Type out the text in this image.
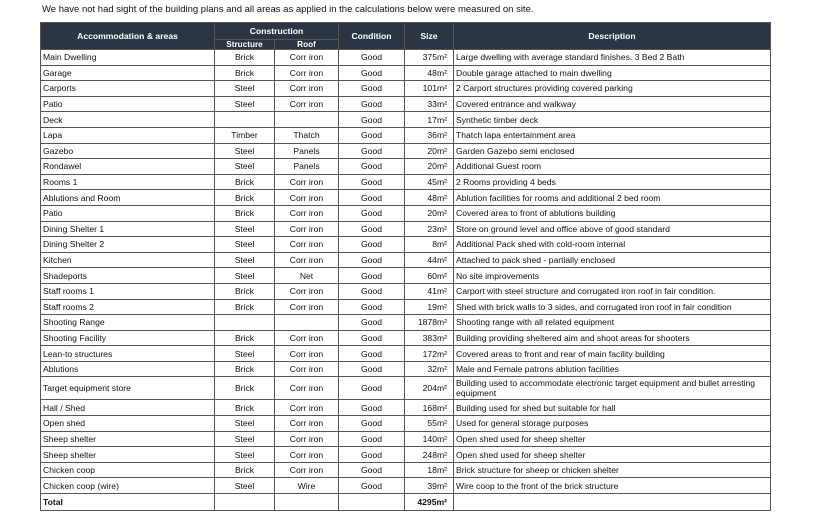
We have not had sight of the building plans and all areas as applied in the calculations below were measured on site.
Accommodation & areas	Construction		Condition	Size	Description
	Structure	Roof			
Main Dwelling	Brick	Corr iron	Good	375m²	Large dwelling with average standard finishes. 3 Bed 2 Bath
Garage	Brick	Corr iron	Good	48m²	Double garage attached to main dwelling
Carports	Steel	Corr iron	Good	101m²	2 Carport structures providing covered parking
Patio	Steel	Corr iron	Good	33m²	Covered entrance and walkway
Deck			Good	17m²	Synthetic timber deck
Lapa	Timber	Thatch	Good	36m²	Thatch lapa entertainment area
Gazebo	Steel	Panels	Good	20m²	Garden Gazebo semi enclosed
Rondawel	Steel	Panels	Good	20m²	Additional Guest room
Rooms 1	Brick	Corr iron	Good	45m²	2 Rooms providing 4 beds
Ablutions and Room	Brick	Corr iron	Good	48m²	Ablution facilities for rooms and additional 2 bed room
Patio	Brick	Corr iron	Good	20m²	Covered area to front of ablutions building
Dining Shelter 1	Steel	Corr iron	Good	23m²	Store on ground level and office above of good standard
Dining Shelter 2	Steel	Corr iron	Good	8m²	Additional Pack shed with cold-room internal
Kitchen	Steel	Corr iron	Good	44m²	Attached to pack shed - partially enclosed
Shadeports	Steel	Net	Good	60m²	No site improvements
Staff rooms 1	Brick	Corr iron	Good	41m²	Carport with steel structure and corrugated iron roof in fair condition.
Staff rooms 2	Brick	Corr iron	Good	19m²	Shed with brick walls to 3 sides, and corrugated iron roof in fair condition
Shooting Range			Good	1878m²	Shooting range with all related equipment
Shooting Facility	Brick	Corr iron	Good	383m²	Building providing sheltered aim and shoot areas for shooters
Lean-to structures	Steel	Corr iron	Good	172m²	Covered areas to front and rear of main facility building
Ablutions	Brick	Corr iron	Good	32m²	Male and Female patrons ablution facilities
Target equipment store	Brick	Corr iron	Good	204m²	Building used to accommodate electronic target equipment and bullet arresting equipment
Hall / Shed	Brick	Corr iron	Good	168m²	Building used for shed but suitable for hall
Open shed	Steel	Corr iron	Good	55m²	Used for general storage purposes
Sheep shelter	Steel	Corr iron	Good	140m²	Open shed used for sheep shelter
Sheep shelter	Steel	Corr iron	Good	248m²	Open shed used for sheep shelter
Chicken coop	Brick	Corr iron	Good	18m²	Brick structure for sheep or chicken shelter
Chicken coop (wire)	Steel	Wire	Good	39m²	Wire coop to the front of the brick structure
Total				4295m²	
